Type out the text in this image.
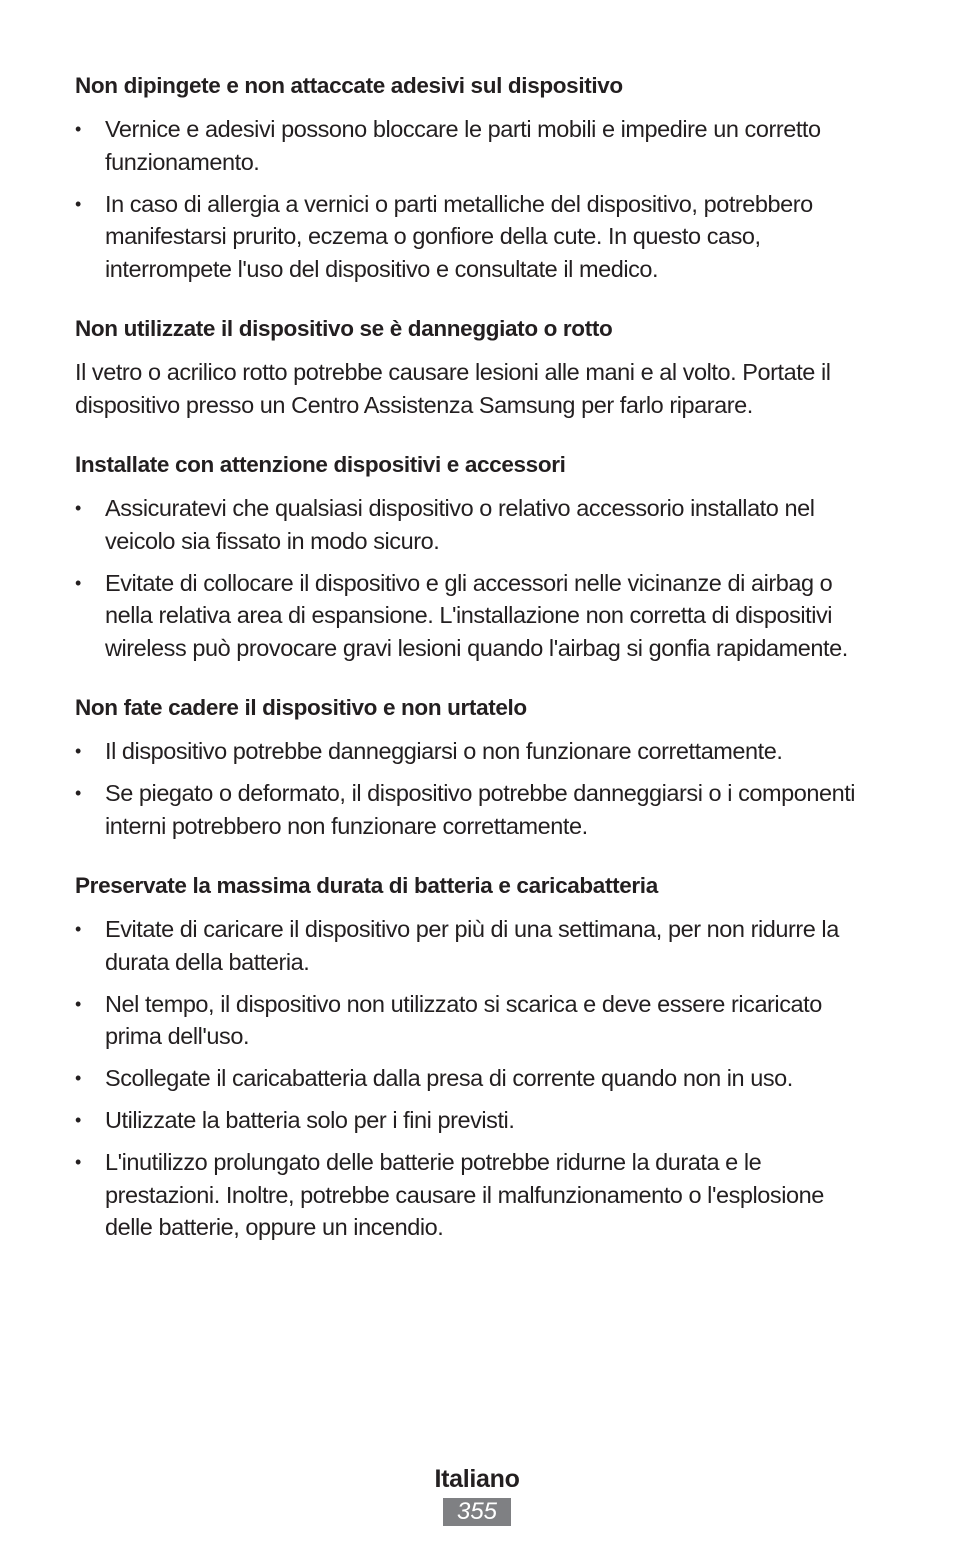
Non dipingete e non attaccate adesivi sul dispositivo
• Vernice e adesivi possono bloccare le parti mobili e impedire un corretto funzionamento.
• In caso di allergia a vernici o parti metalliche del dispositivo, potrebbero manifestarsi prurito, eczema o gonfiore della cute. In questo caso, interrompete l'uso del dispositivo e consultate il medico.
Non utilizzate il dispositivo se è danneggiato o rotto

Il vetro o acrilico rotto potrebbe causare lesioni alle mani e al volto. Portate il dispositivo presso un Centro Assistenza Samsung per farlo riparare.

Installate con attenzione dispositivi e accessori
• Assicuratevi che qualsiasi dispositivo o relativo accessorio installato nel veicolo sia fissato in modo sicuro.
• Evitate di collocare il dispositivo e gli accessori nelle vicinanze di airbag o nella relativa area di espansione. L'installazione non corretta di dispositivi wireless può provocare gravi lesioni quando l'airbag si gonfia rapidamente.
Non fate cadere il dispositivo e non urtatelo
• Il dispositivo potrebbe danneggiarsi o non funzionare correttamente.
• Se piegato o deformato, il dispositivo potrebbe danneggiarsi o i componenti interni potrebbero non funzionare correttamente.
Preservate la massima durata di batteria e caricabatteria
• Evitate di caricare il dispositivo per più di una settimana, per non ridurre la durata della batteria.
• Nel tempo, il dispositivo non utilizzato si scarica e deve essere ricaricato prima dell'uso.
• Scollegate il caricabatteria dalla presa di corrente quando non in uso.
• Utilizzate la batteria solo per i fini previsti.
• L'inutilizzo prolungato delle batterie potrebbe ridurne la durata e le prestazioni. Inoltre, potrebbe causare il malfunzionamento o l'esplosione delle batterie, oppure un incendio.
Italiano
355
